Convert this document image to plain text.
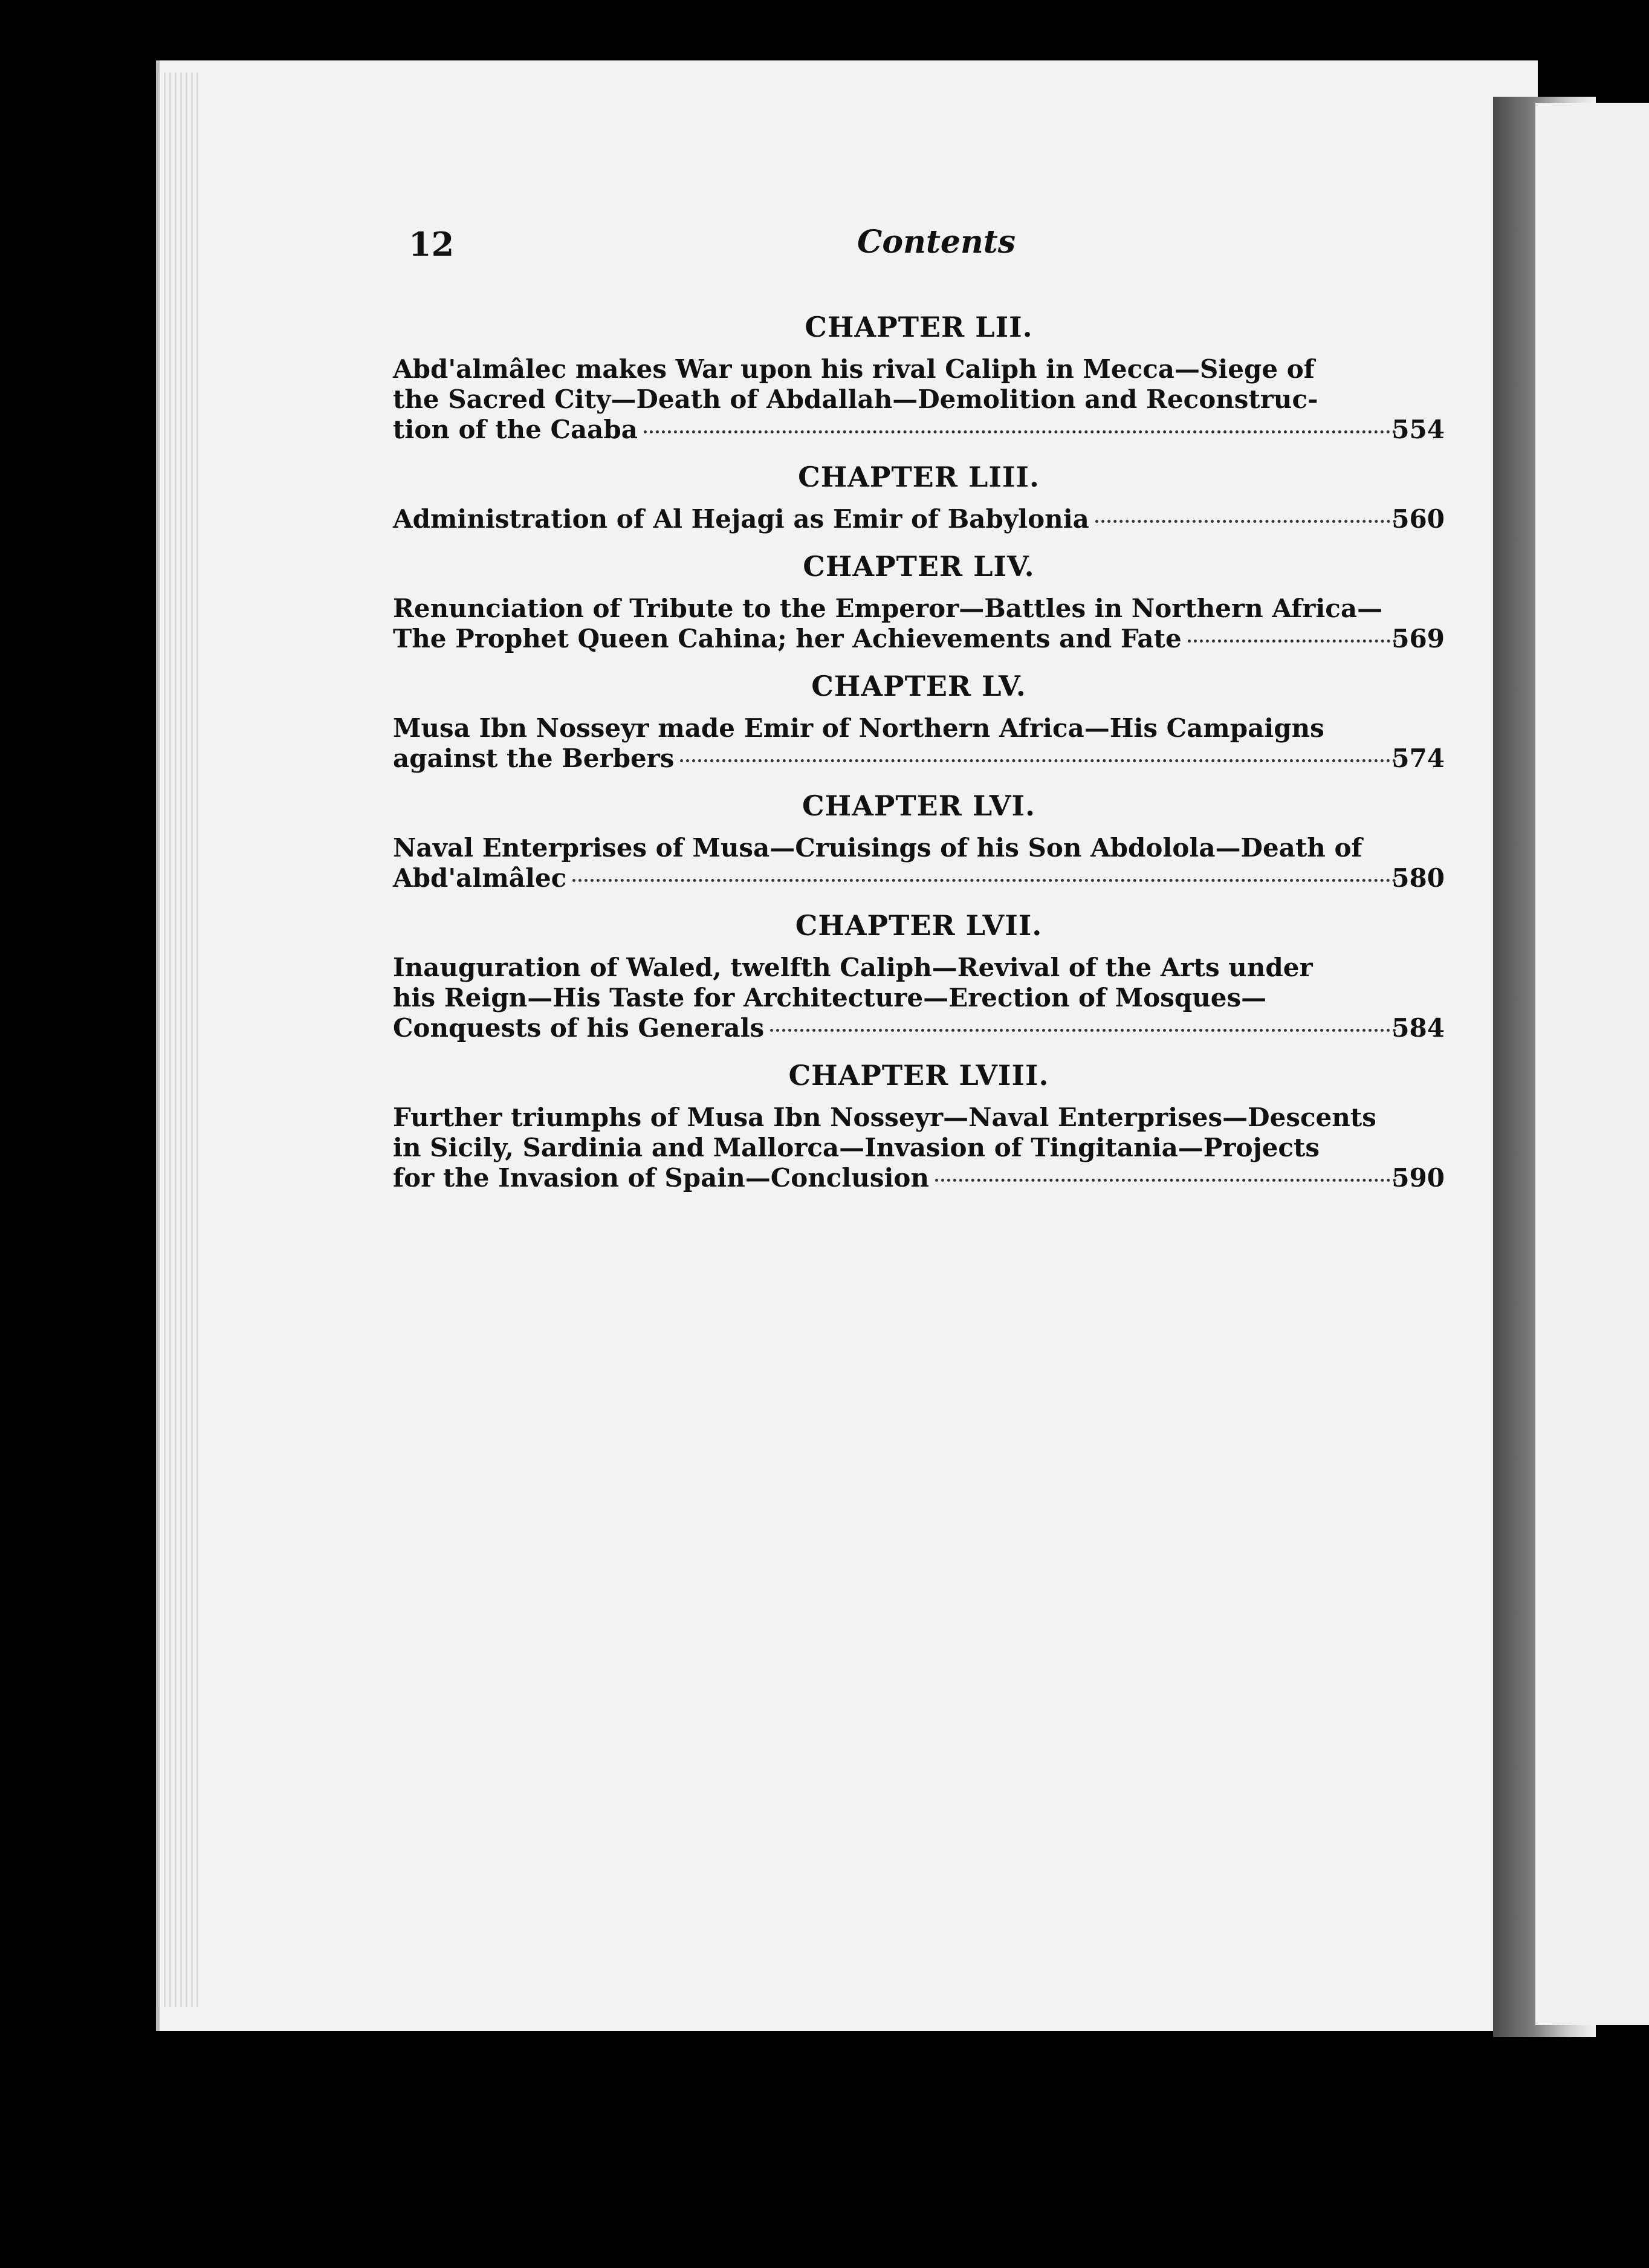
12	Contents
CHAPTER LII.
Abd'almâlec makes War upon his rival Caliph in Mecca—Siege of
the Sacred City—Death of Abdallah—Demolition and Reconstruc-
tion of the Caaba	554
CHAPTER LIII.
Administration of Al Hejagi as Emir of Babylonia	560
CHAPTER LIV.
Renunciation of Tribute to the Emperor—Battles in Northern Africa—
The Prophet Queen Cahina; her Achievements and Fate	569
CHAPTER LV.
Musa Ibn Nosseyr made Emir of Northern Africa—His Campaigns
against the Berbers	574
CHAPTER LVI.
Naval Enterprises of Musa—Cruisings of his Son Abdolola—Death of
Abd'almâlec	580
CHAPTER LVII.
Inauguration of Waled, twelfth Caliph—Revival of the Arts under
his Reign—His Taste for Architecture—Erection of Mosques—
Conquests of his Generals	584
CHAPTER LVIII.
Further triumphs of Musa Ibn Nosseyr—Naval Enterprises—Descents
in Sicily, Sardinia and Mallorca—Invasion of Tingitania—Projects
for the Invasion of Spain—Conclusion	590
